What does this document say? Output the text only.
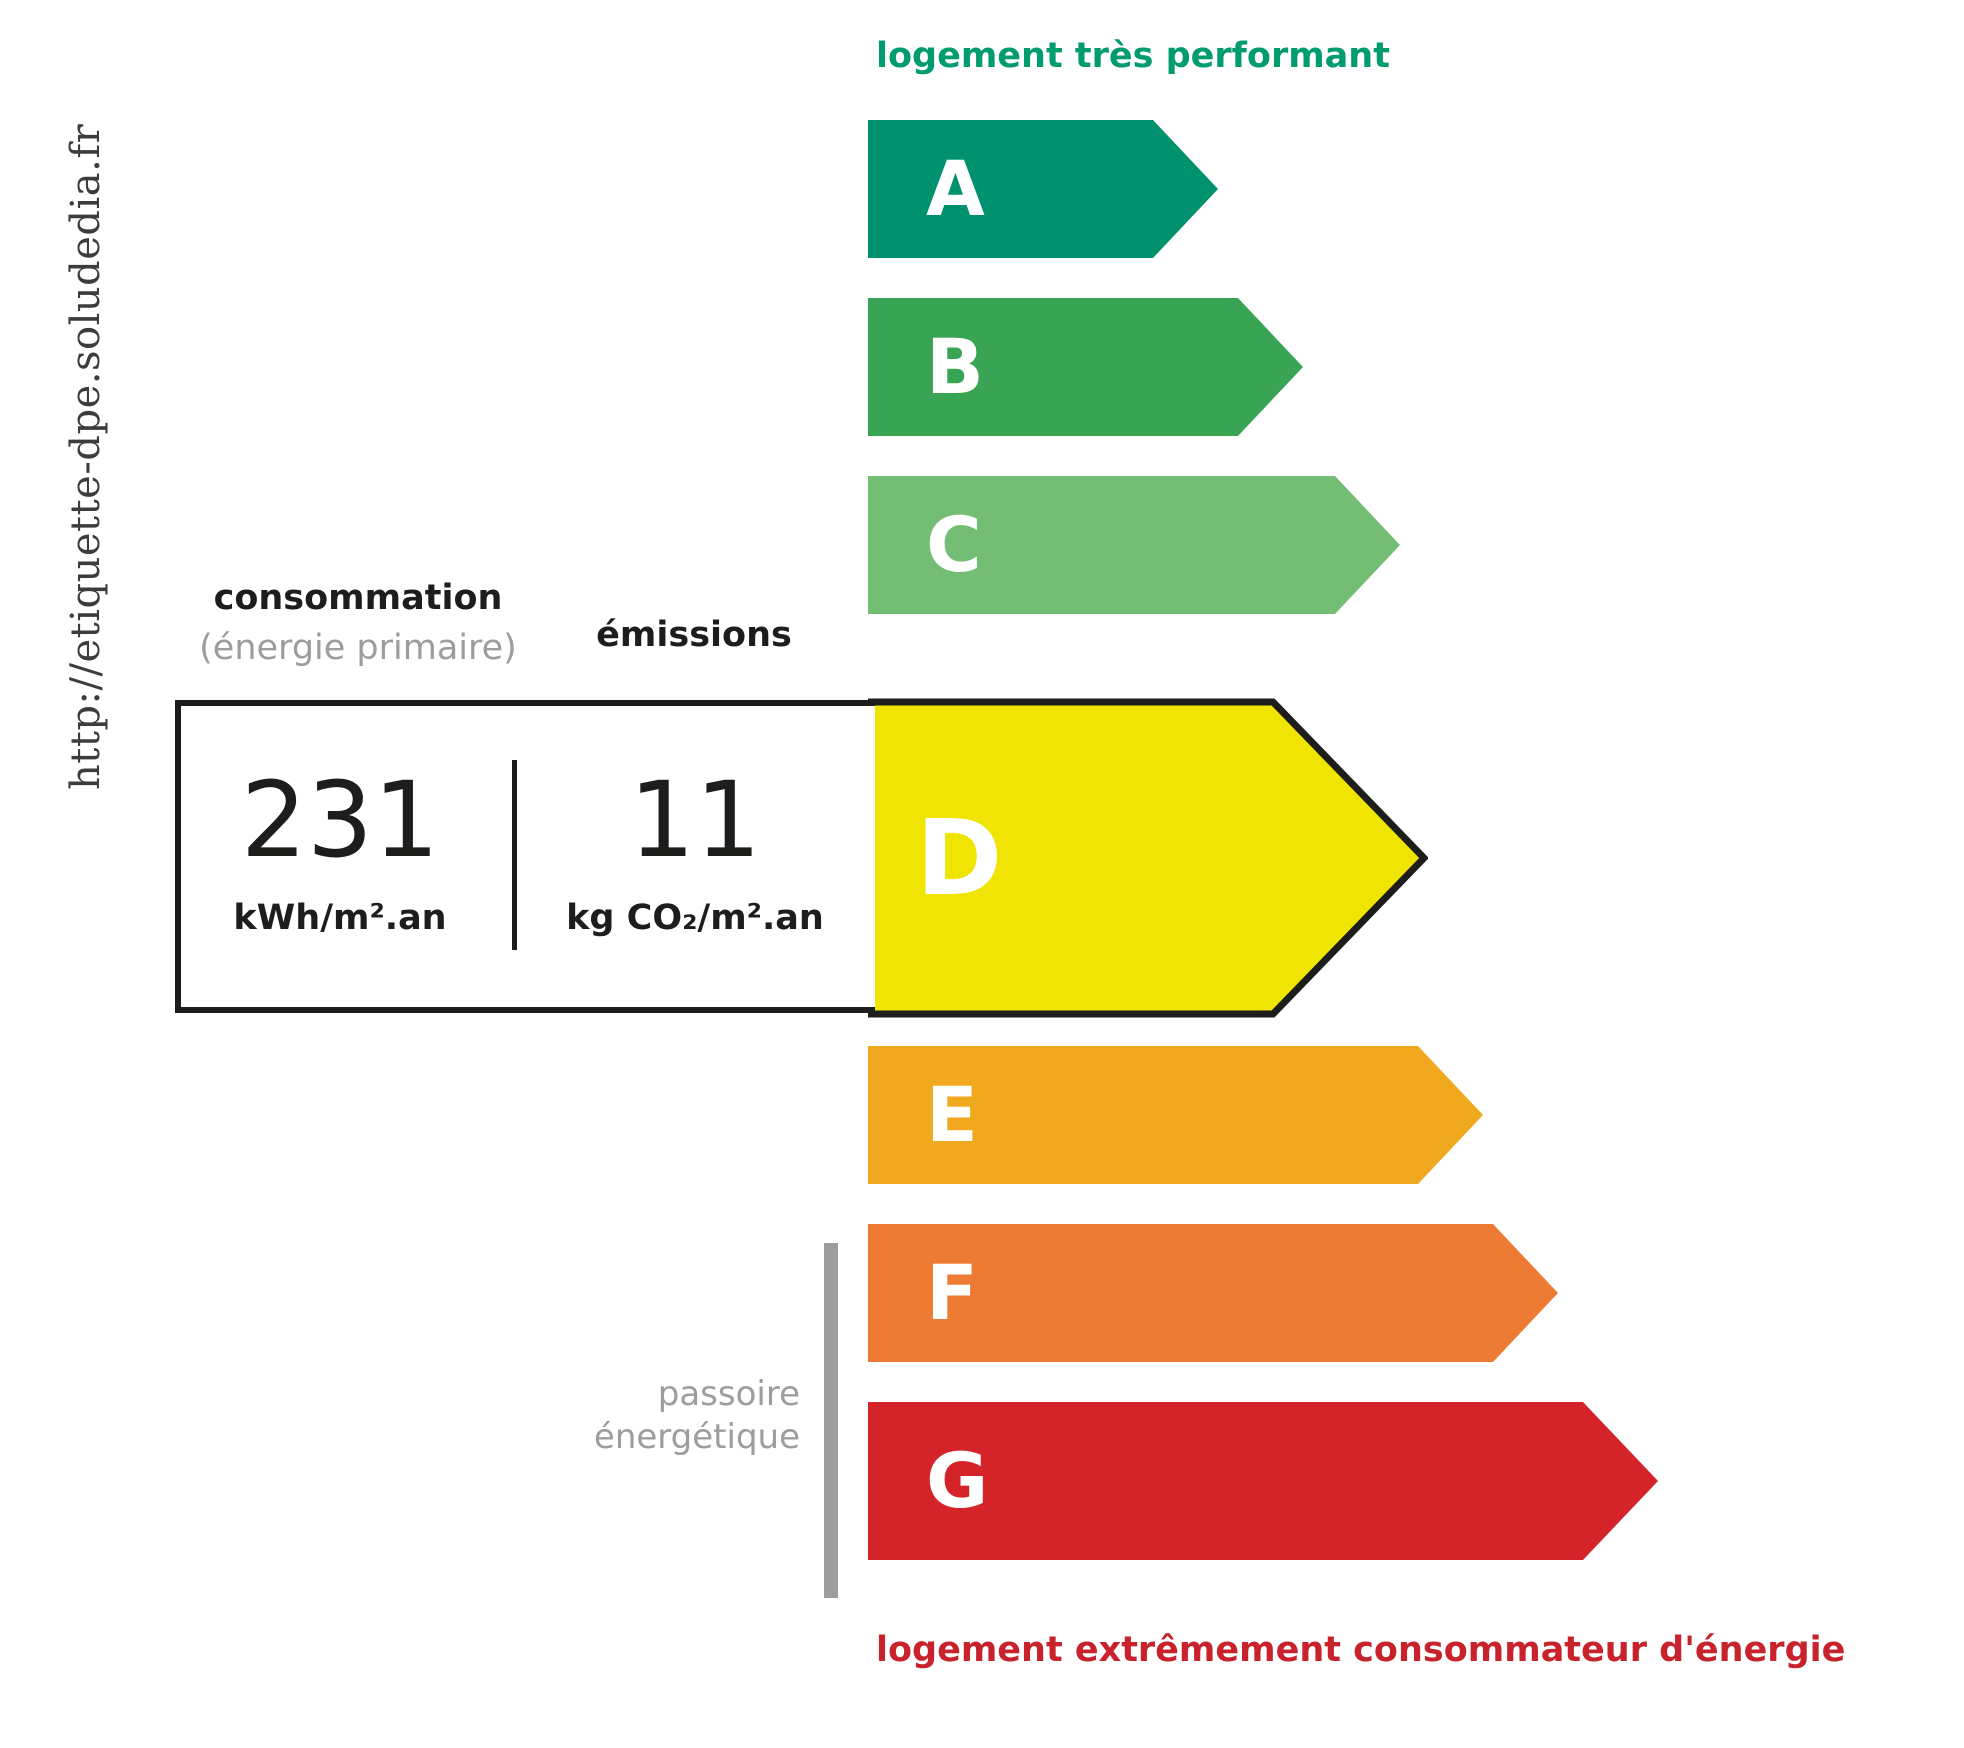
http://etiquette-dpe.soludedia.fr
logement très performant
A
B
C
D
E
F
G
passoire
énergétique
consommation
(énergie primaire)	émissions
231
kWh/m².an
11
kg CO₂/m².an
logement extrêmement consommateur d'énergie
